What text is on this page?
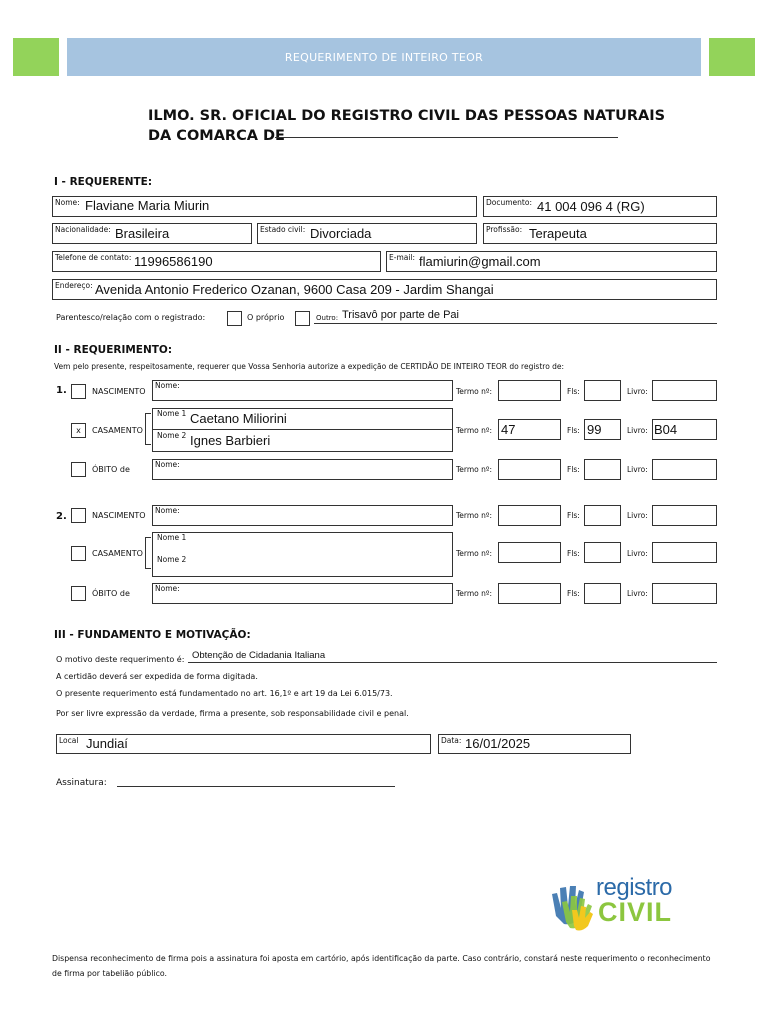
REQUERIMENTO DE INTEIRO TEOR
ILMO. SR. OFICIAL DO REGISTRO CIVIL DAS PESSOAS NATURAIS
DA COMARCA DE
I - REQUERENTE:
Nome: Flaviane Maria Miurin	Documento: 41 004 096 4 (RG)
Nacionalidade: Brasileira	Estado civil: Divorciada	Profissão: Terapeuta
Telefone de contato: 11996586190	E-mail: flamiurin@gmail.com
Endereço: Avenida Antonio Frederico Ozanan, 9600 Casa 209 - Jardim Shangai
Parentesco/relação com o registrado:	O próprio	Outro: Trisavô por parte de Pai
II - REQUERIMENTO:
Vem pelo presente, respeitosamente, requerer que Vossa Senhoria autorize a expedição de CERTIDÃO DE INTEIRO TEOR do registro de:
1.	NASCIMENTO
Nome:
Termo nº:	Fls:	Livro:
x	CASAMENTO
Nome 1 Caetano Miliorini
Nome 2 Ignes Barbieri
Termo nº: 47	Fls: 99	Livro: B04
ÓBITO de
Nome:
Termo nº:	Fls:	Livro:
2.	NASCIMENTO
Nome:
Termo nº:	Fls:	Livro:
CASAMENTO
Nome 1
Nome 2
Termo nº:	Fls:	Livro:
ÓBITO de
Nome:
Termo nº:	Fls:	Livro:
III - FUNDAMENTO E MOTIVAÇÃO:
O motivo deste requerimento é: Obtenção de Cidadania Italiana
A certidão deverá ser expedida de forma digitada.
O presente requerimento está fundamentado no art. 16,1º e art 19 da Lei 6.015/73.
Por ser livre expressão da verdade, firma a presente, sob responsabilidade civil e penal.
Local Jundiaí	Data: 16/01/2025
Assinatura:
registro
CIVIL
Dispensa reconhecimento de firma pois a assinatura foi aposta em cartório, após identificação da parte. Caso contrário, constará neste requerimento o reconhecimento de firma por tabelião público.
